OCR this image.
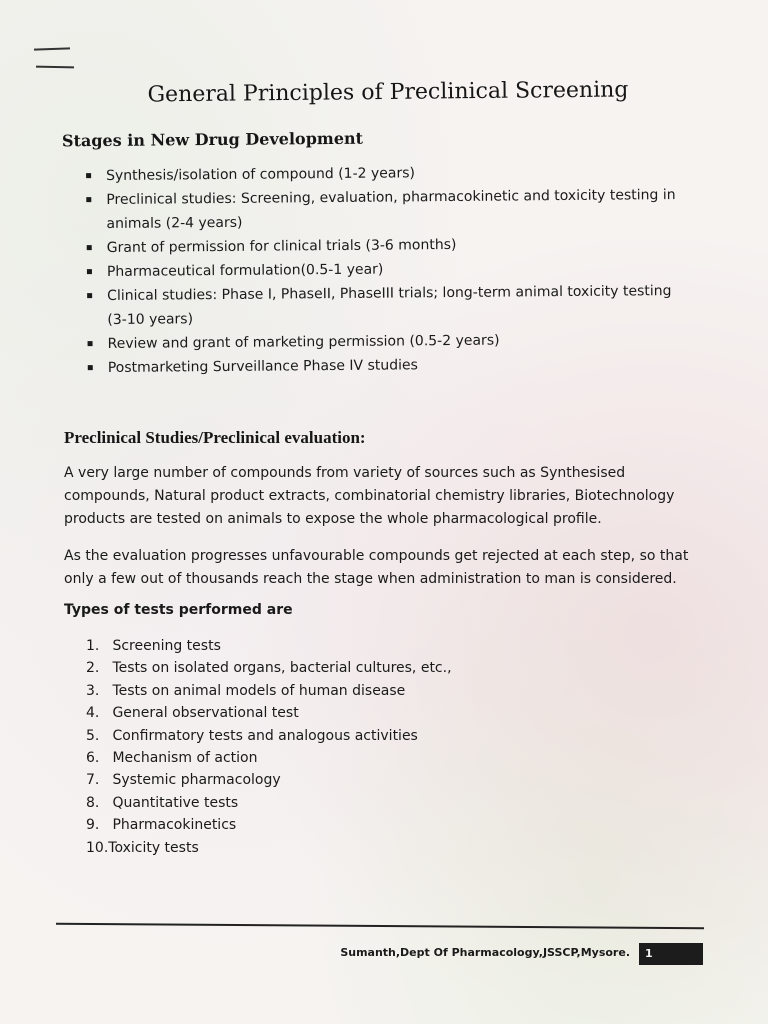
General Principles of Preclinical Screening
Stages in New Drug Development
Synthesis/isolation of compound (1-2 years)
Preclinical studies: Screening, evaluation, pharmacokinetic and toxicity testing in
animals (2-4 years)
Grant of permission for clinical trials (3-6 months)
Pharmaceutical formulation(0.5-1 year)
Clinical studies: Phase I, PhaseII, PhaseIII trials; long-term animal toxicity testing
(3-10 years)
Review and grant of marketing permission (0.5-2 years)
Postmarketing Surveillance Phase IV studies
Preclinical Studies/Preclinical evaluation:

A very large number of compounds from variety of sources such as Synthesised compounds, Natural product extracts, combinatorial chemistry libraries, Biotechnology products are tested on animals to expose the whole pharmacological profile.

As the evaluation progresses unfavourable compounds get rejected at each step, so that only a few out of thousands reach the stage when administration to man is considered.

Types of tests performed are

1. Screening tests
2. Tests on isolated organs, bacterial cultures, etc.,
3. Tests on animal models of human disease
4. General observational test
5. Confirmatory tests and analogous activities
6. Mechanism of action
7. Systemic pharmacology
8. Quantitative tests
9. Pharmacokinetics
10.Toxicity tests

Sumanth,Dept Of Pharmacology,JSSCP,Mysore.	1
